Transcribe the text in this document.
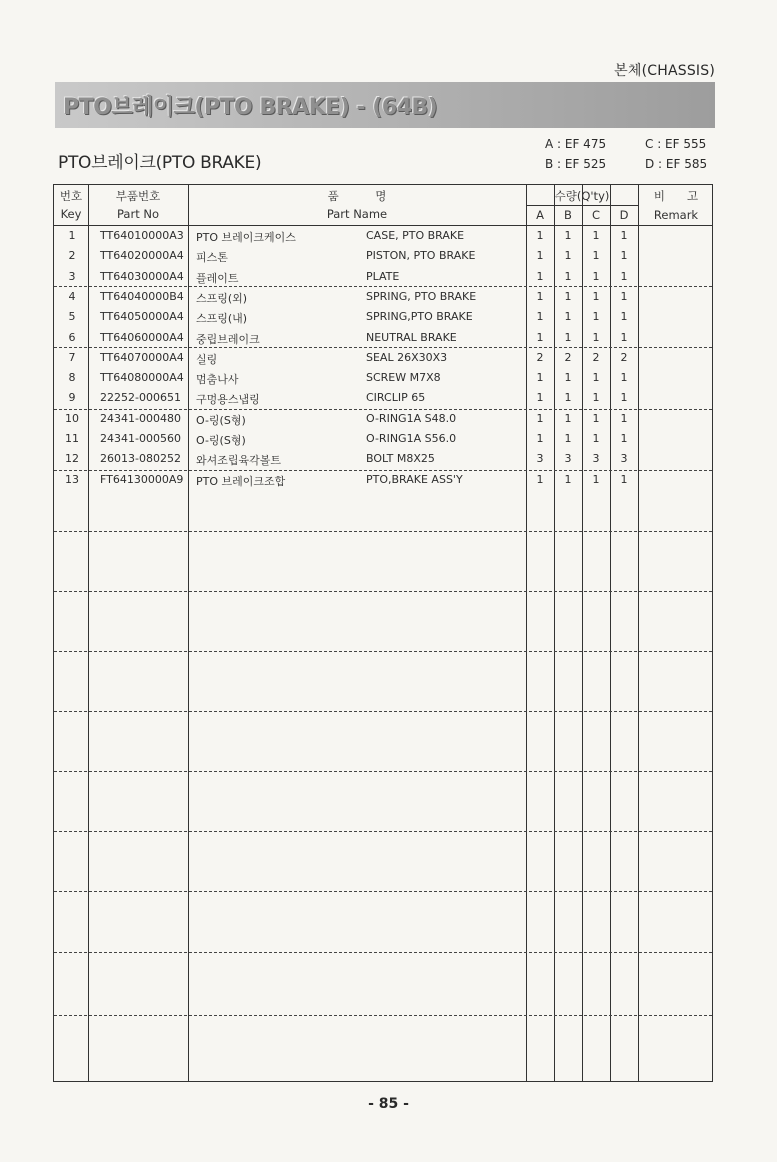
본체(CHASSIS)
PTO브레이크(PTO BRAKE) - (64B)
PTO브레이크(PTO BRAKE)
A : EF 475	C : EF 555
B : EF 525	D : EF 585
번호
Key
부품번호
Part No
품          명
Part Name
수량(Q'ty)
A	B	C	D
비      고
Remark
1	TT64010000A3 PTO 브레이크케이스	CASE, PTO BRAKE	1	1	1	1
2	TT64020000A4 피스톤	PISTON, PTO BRAKE	1	1	1	1
3	TT64030000A4 플레이트	PLATE	1	1	1	1
4	TT64040000B4 스프링(외)	SPRING, PTO BRAKE	1	1	1	1
5	TT64050000A4 스프링(내)	SPRING,PTO BRAKE	1	1	1	1
6	TT64060000A4 중립브레이크	NEUTRAL BRAKE	1	1	1	1
7	TT64070000A4 실링	SEAL 26X30X3	2	2	2	2
8	TT64080000A4 멈춤나사	SCREW M7X8	1	1	1	1
9	22252-000651 구멍용스냅링	CIRCLIP 65	1	1	1	1
10	24341-000480 O-링(S형)	O-RING1A S48.0	1	1	1	1
11	24341-000560 O-링(S형)	O-RING1A S56.0	1	1	1	1
12	26013-080252 와셔조립육각볼트	BOLT M8X25	3	3	3	3
13	FT64130000A9 PTO 브레이크조합	PTO,BRAKE ASS'Y	1	1	1	1
- 85 -
